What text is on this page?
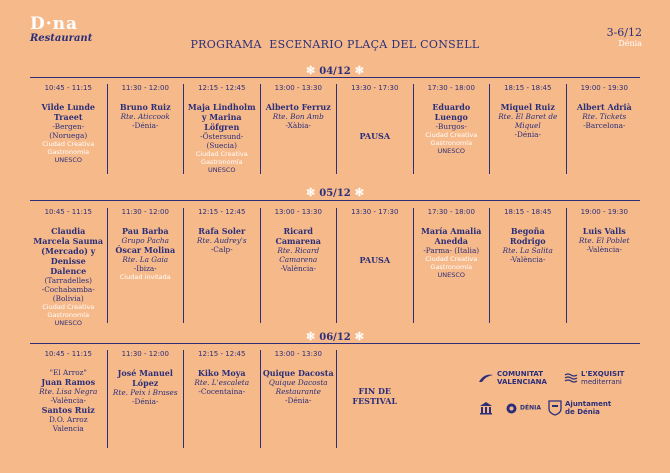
D·na
Restaurant	PROGRAMA ESCENARIO PLAÇA DEL CONSELL
3-6/12
Dénia
✻ 04/12 ✻
10:45 - 11:15
Vilde Lunde Traeet
-Bergen-
(Noruega)
Ciudad Creativa Gastronomía
UNESCO
11:30 - 12:00
Bruno Ruiz
Rte. Aticcook
-Dénia-
12:15 - 12:45
Maja Lindholm y Marina Löfgren
-Östersund-
(Suecia)
Ciudad Creativa Gastronomía
UNESCO
13:00 - 13:30
Alberto Ferruz
Rte. Bon Amb
-Xàbia-
13:30 - 17:30
PAUSA
17:30 - 18:00
Eduardo Luengo
-Burgos-
Ciudad Creativa Gastronomía
UNESCO
18:15 - 18:45
Miquel Ruiz
Rte. El Baret de Miquel
-Dénia-
19:00 - 19:30
Albert Adrià
Rte. Tickets
-Barcelona-
✻ 05/12 ✻
10:45 - 11:15
Claudia Marcela Sauma (Mercado) y Denisse Dalence
(Tarradelles)
-Cochabamba-
(Bolivia)
Ciudad Creativa Gastronomía
UNESCO
11:30 - 12:00
Pau Barba
Grupo Pacha
Óscar Molina
Rte. La Gaia
-Ibiza-
Ciudad invitada
12:15 - 12:45
Rafa Soler
Rte. Audrey's
-Calp-
13:00 - 13:30
Ricard Camarena
Rte. Ricard Camarena
-València-
13:30 - 17:30
PAUSA
17:30 - 18:00
María Amalia Anedda
-Parma- (Italia)
Ciudad Creativa Gastronomía
UNESCO
18:15 - 18:45
Begoña Rodrigo
Rte. La Salita
-València-
19:00 - 19:30
Luis Valls
Rte. El Poblet
-València-
✻ 06/12 ✻
10:45 - 11:15
"El Arroz"
Juan Ramos
Rte. Lisa Negra
-València-
Santos Ruiz
D.O. Arroz
Valencia
11:30 - 12:00
José Manuel López
Rte. Peix i Brases
-Dénia-
12:15 - 12:45
Kiko Moya
Rte. L'escaleta
-Cocentaina-
13:00 - 13:30
Quique Dacosta
Quique Dacosta Restaurante
-Dénia-
FIN DE FESTIVAL
COMUNITAT VALENCIANA
L'EXQUISIT
mediterrani
DÉNIA	Ajuntament
de Dénia
